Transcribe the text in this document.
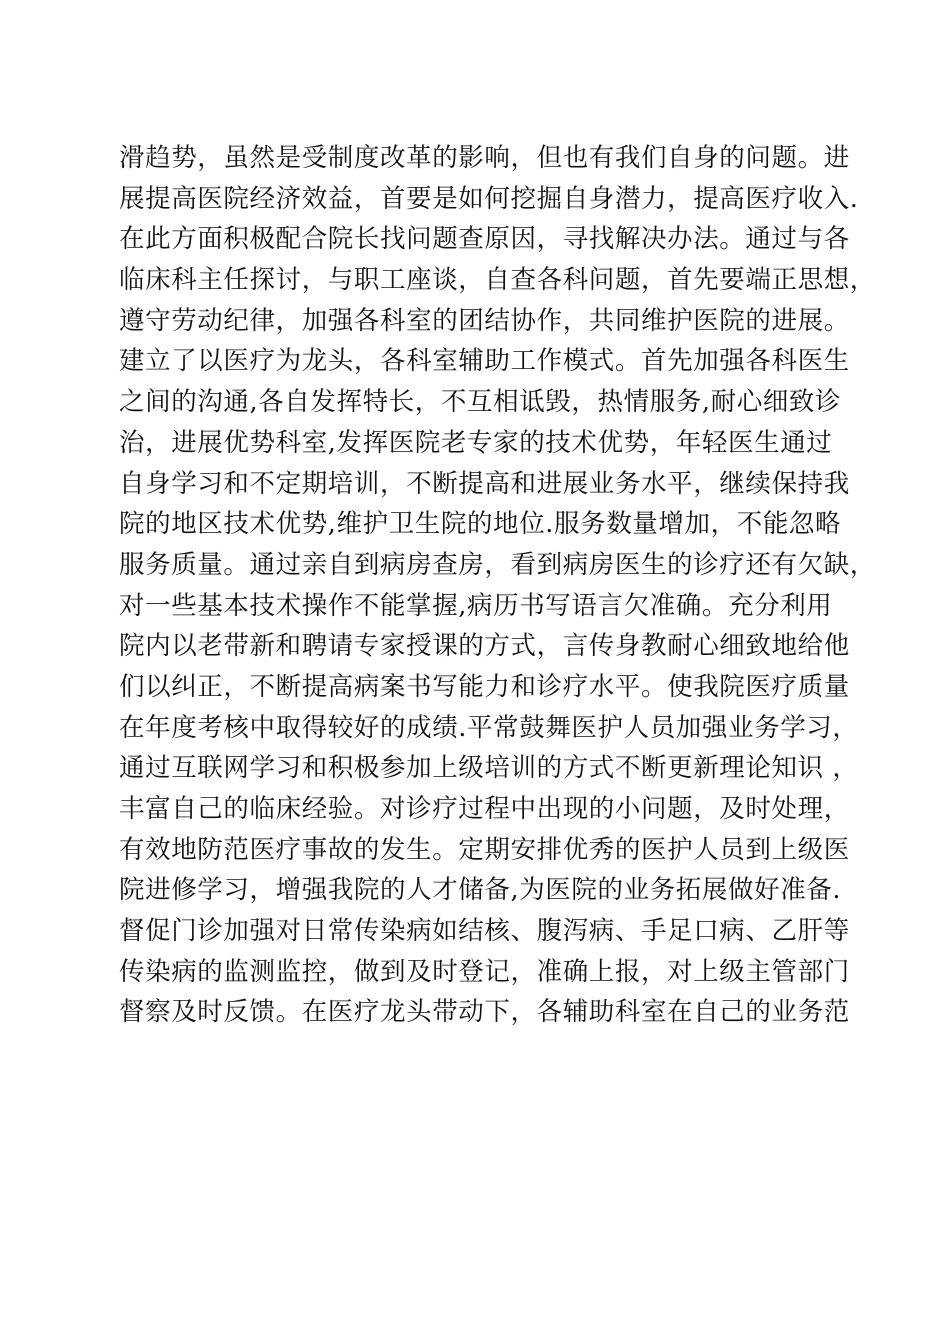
滑趋势，虽然是受制度改革的影响，但也有我们自身的问题。进
展提高医院经济效益，首要是如何挖掘自身潜力，提高医疗收入.
在此方面积极配合院长找问题查原因，寻找解决办法。通过与各
临床科主任探讨，与职工座谈，自查各科问题，首先要端正思想，
遵守劳动纪律，加强各科室的团结协作，共同维护医院的进展。
建立了以医疗为龙头，各科室辅助工作模式。首先加强各科医生
之间的沟通,各自发挥特长，不互相诋毁，热情服务,耐心细致诊
治，进展优势科室,发挥医院老专家的技术优势，年轻医生通过
自身学习和不定期培训，不断提高和进展业务水平，继续保持我
院的地区技术优势,维护卫生院的地位.服务数量增加，不能忽略
服务质量。通过亲自到病房查房，看到病房医生的诊疗还有欠缺，
对一些基本技术操作不能掌握,病历书写语言欠准确。充分利用
院内以老带新和聘请专家授课的方式，言传身教耐心细致地给他
们以纠正，不断提高病案书写能力和诊疗水平。使我院医疗质量
在年度考核中取得较好的成绩.平常鼓舞医护人员加强业务学习，
通过互联网学习和积极参加上级培训的方式不断更新理论知识 ，
丰富自己的临床经验。对诊疗过程中出现的小问题，及时处理，
有效地防范医疗事故的发生。定期安排优秀的医护人员到上级医
院进修学习，增强我院的人才储备,为医院的业务拓展做好准备.
督促门诊加强对日常传染病如结核、腹泻病、手足口病、乙肝等
传染病的监测监控，做到及时登记，准确上报，对上级主管部门
督察及时反馈。在医疗龙头带动下，各辅助科室在自己的业务范
